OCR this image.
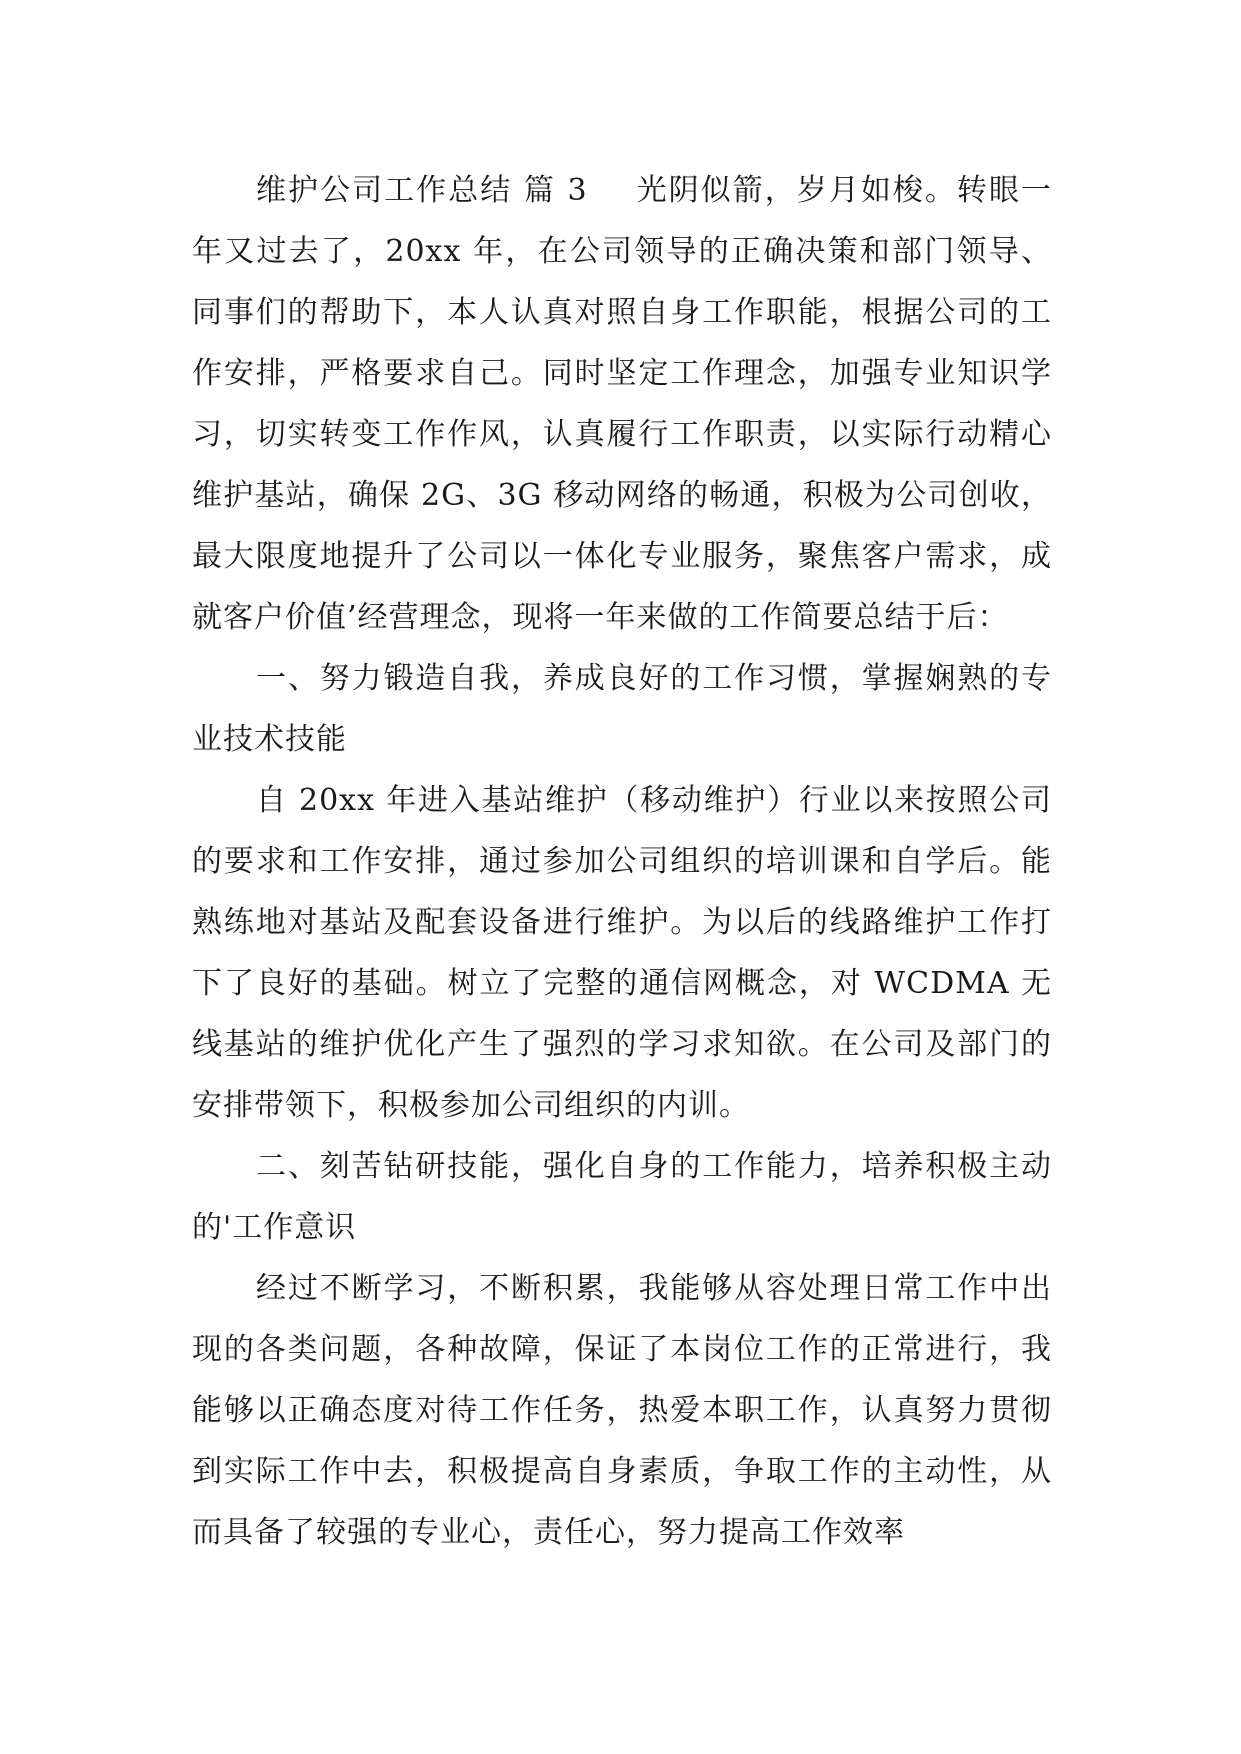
维护公司工作总结 篇 3 光阴似箭，岁月如梭。转眼一年又过去了，20xx 年，在公司领导的正确决策和部门领导、同事们的帮助下，本人认真对照自身工作职能，根据公司的工作安排，严格要求自己。同时坚定工作理念，加强专业知识学习，切实转变工作作风，认真履行工作职责，以实际行动精心维护基站，确保 2G、3G 移动网络的畅通，积极为公司创收，最大限度地提升了公司以一体化专业服务，聚焦客户需求，成就客户价值’经营理念，现将一年来做的工作简要总结于后：

一、努力锻造自我，养成良好的工作习惯，掌握娴熟的专业技术技能

自 20xx 年进入基站维护（移动维护）行业以来按照公司的要求和工作安排，通过参加公司组织的培训课和自学后。能熟练地对基站及配套设备进行维护。为以后的线路维护工作打下了良好的基础。树立了完整的通信网概念，对 WCDMA 无线基站的维护优化产生了强烈的学习求知欲。在公司及部门的安排带领下，积极参加公司组织的内训。

二、刻苦钻研技能，强化自身的工作能力，培养积极主动的'工作意识

经过不断学习，不断积累，我能够从容处理日常工作中出现的各类问题，各种故障，保证了本岗位工作的正常进行，我能够以正确态度对待工作任务，热爱本职工作，认真努力贯彻到实际工作中去，积极提高自身素质，争取工作的主动性，从而具备了较强的专业心，责任心，努力提高工作效率
